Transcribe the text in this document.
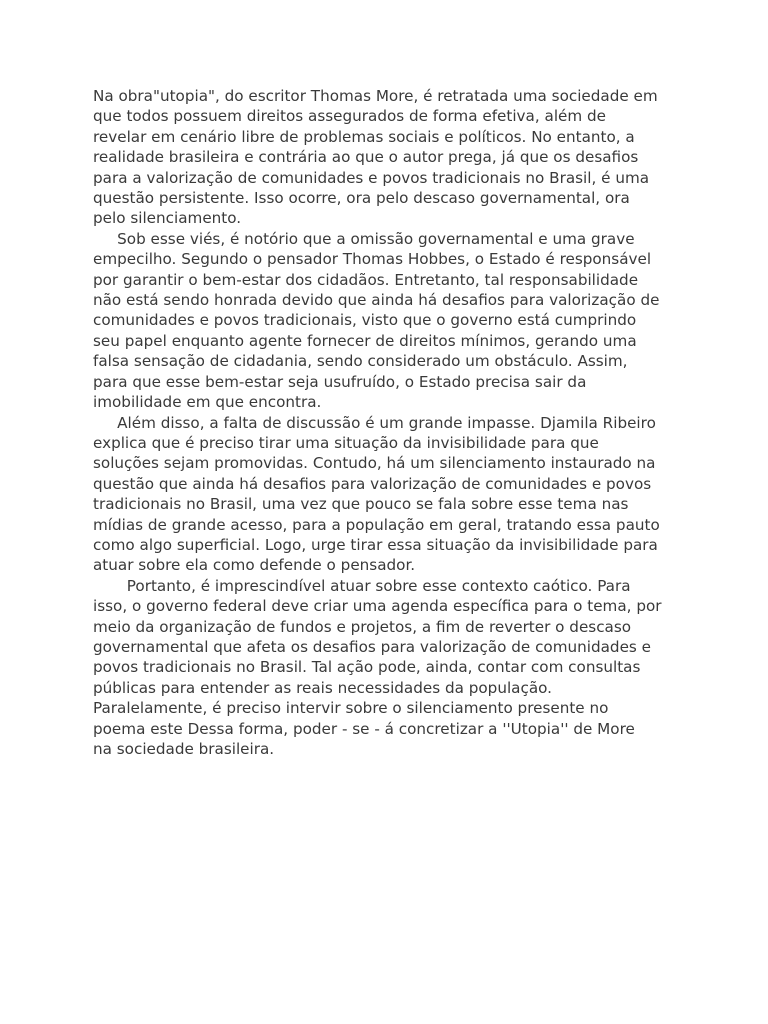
Na obra"utopia", do escritor Thomas More, é retratada uma sociedade em
que todos possuem direitos assegurados de forma efetiva, além de
revelar em cenário libre de problemas sociais e políticos. No entanto, a
realidade brasileira e contrária ao que o autor prega, já que os desafios
para a valorização de comunidades e povos tradicionais no Brasil, é uma
questão persistente. Isso ocorre, ora pelo descaso governamental, ora
pelo silenciamento.

Sob esse viés, é notório que a omissão governamental e uma grave
empecilho. Segundo o pensador Thomas Hobbes, o Estado é responsável
por garantir o bem-estar dos cidadãos. Entretanto, tal responsabilidade
não está sendo honrada devido que ainda há desafios para valorização de
comunidades e povos tradicionais, visto que o governo está cumprindo
seu papel enquanto agente fornecer de direitos mínimos, gerando uma
falsa sensação de cidadania, sendo considerado um obstáculo. Assim,
para que esse bem-estar seja usufruído, o Estado precisa sair da
imobilidade em que encontra.

Além disso, a falta de discussão é um grande impasse. Djamila Ribeiro
explica que é preciso tirar uma situação da invisibilidade para que
soluções sejam promovidas. Contudo, há um silenciamento instaurado na
questão que ainda há desafios para valorização de comunidades e povos
tradicionais no Brasil, uma vez que pouco se fala sobre esse tema nas
mídias de grande acesso, para a população em geral, tratando essa pauto
como algo superficial. Logo, urge tirar essa situação da invisibilidade para
atuar sobre ela como defende o pensador.

Portanto, é imprescindível atuar sobre esse contexto caótico. Para
isso, o governo federal deve criar uma agenda específica para o tema, por
meio da organização de fundos e projetos, a fim de reverter o descaso
governamental que afeta os desafios para valorização de comunidades e
povos tradicionais no Brasil. Tal ação pode, ainda, contar com consultas
públicas para entender as reais necessidades da população.
Paralelamente, é preciso intervir sobre o silenciamento presente no
poema este Dessa forma, poder - se - á concretizar a ''Utopia'' de More
na sociedade brasileira.
